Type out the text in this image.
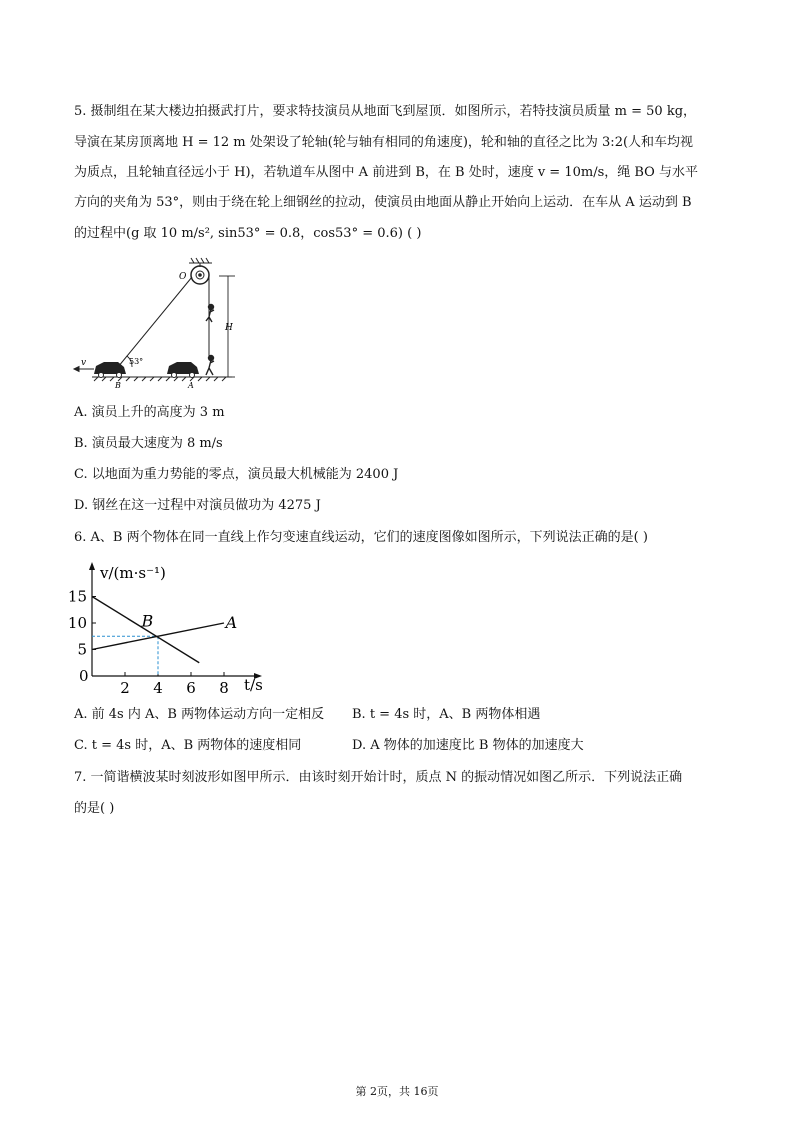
5. 摄制组在某大楼边拍摄武打片，要求特技演员从地面飞到屋顶．如图所示，若特技演员质量 m = 50 kg，
导演在某房顶离地 H = 12 m 处架设了轮轴(轮与轴有相同的角速度)，轮和轴的直径之比为 3:2(人和车均视
为质点，且轮轴直径远小于 H)，若轨道车从图中 A 前进到 B，在 B 处时，速度 v = 10m/s，绳 BO 与水平
方向的夹角为 53°，则由于绕在轮上细钢丝的拉动，使演员由地面从静止开始向上运动．在车从 A 运动到 B
的过程中(g 取 10 m/s², sin53° = 0.8，cos53° = 0.6) ( )
H
O
53°
v
B	A
A. 演员上升的高度为 3 m
B. 演员最大速度为 8 m/s
C. 以地面为重力势能的零点，演员最大机械能为 2400 J
D. 钢丝在这一过程中对演员做功为 4275 J
6. A、B 两个物体在同一直线上作匀变速直线运动，它们的速度图像如图所示，下列说法正确的是( )
v/(m·s⁻¹)
t/s
0
2 4 6 8
5
10
15
A
B
A. 前 4s 内 A、B 两物体运动方向一定相反 B. t = 4s 时，A、B 两物体相遇
C. t = 4s 时，A、B 两物体的速度相同	D. A 物体的加速度比 B 物体的加速度大
7. 一简谐横波某时刻波形如图甲所示．由该时刻开始计时，质点 N 的振动情况如图乙所示．下列说法正确
的是( )
第 2页，共 16页
